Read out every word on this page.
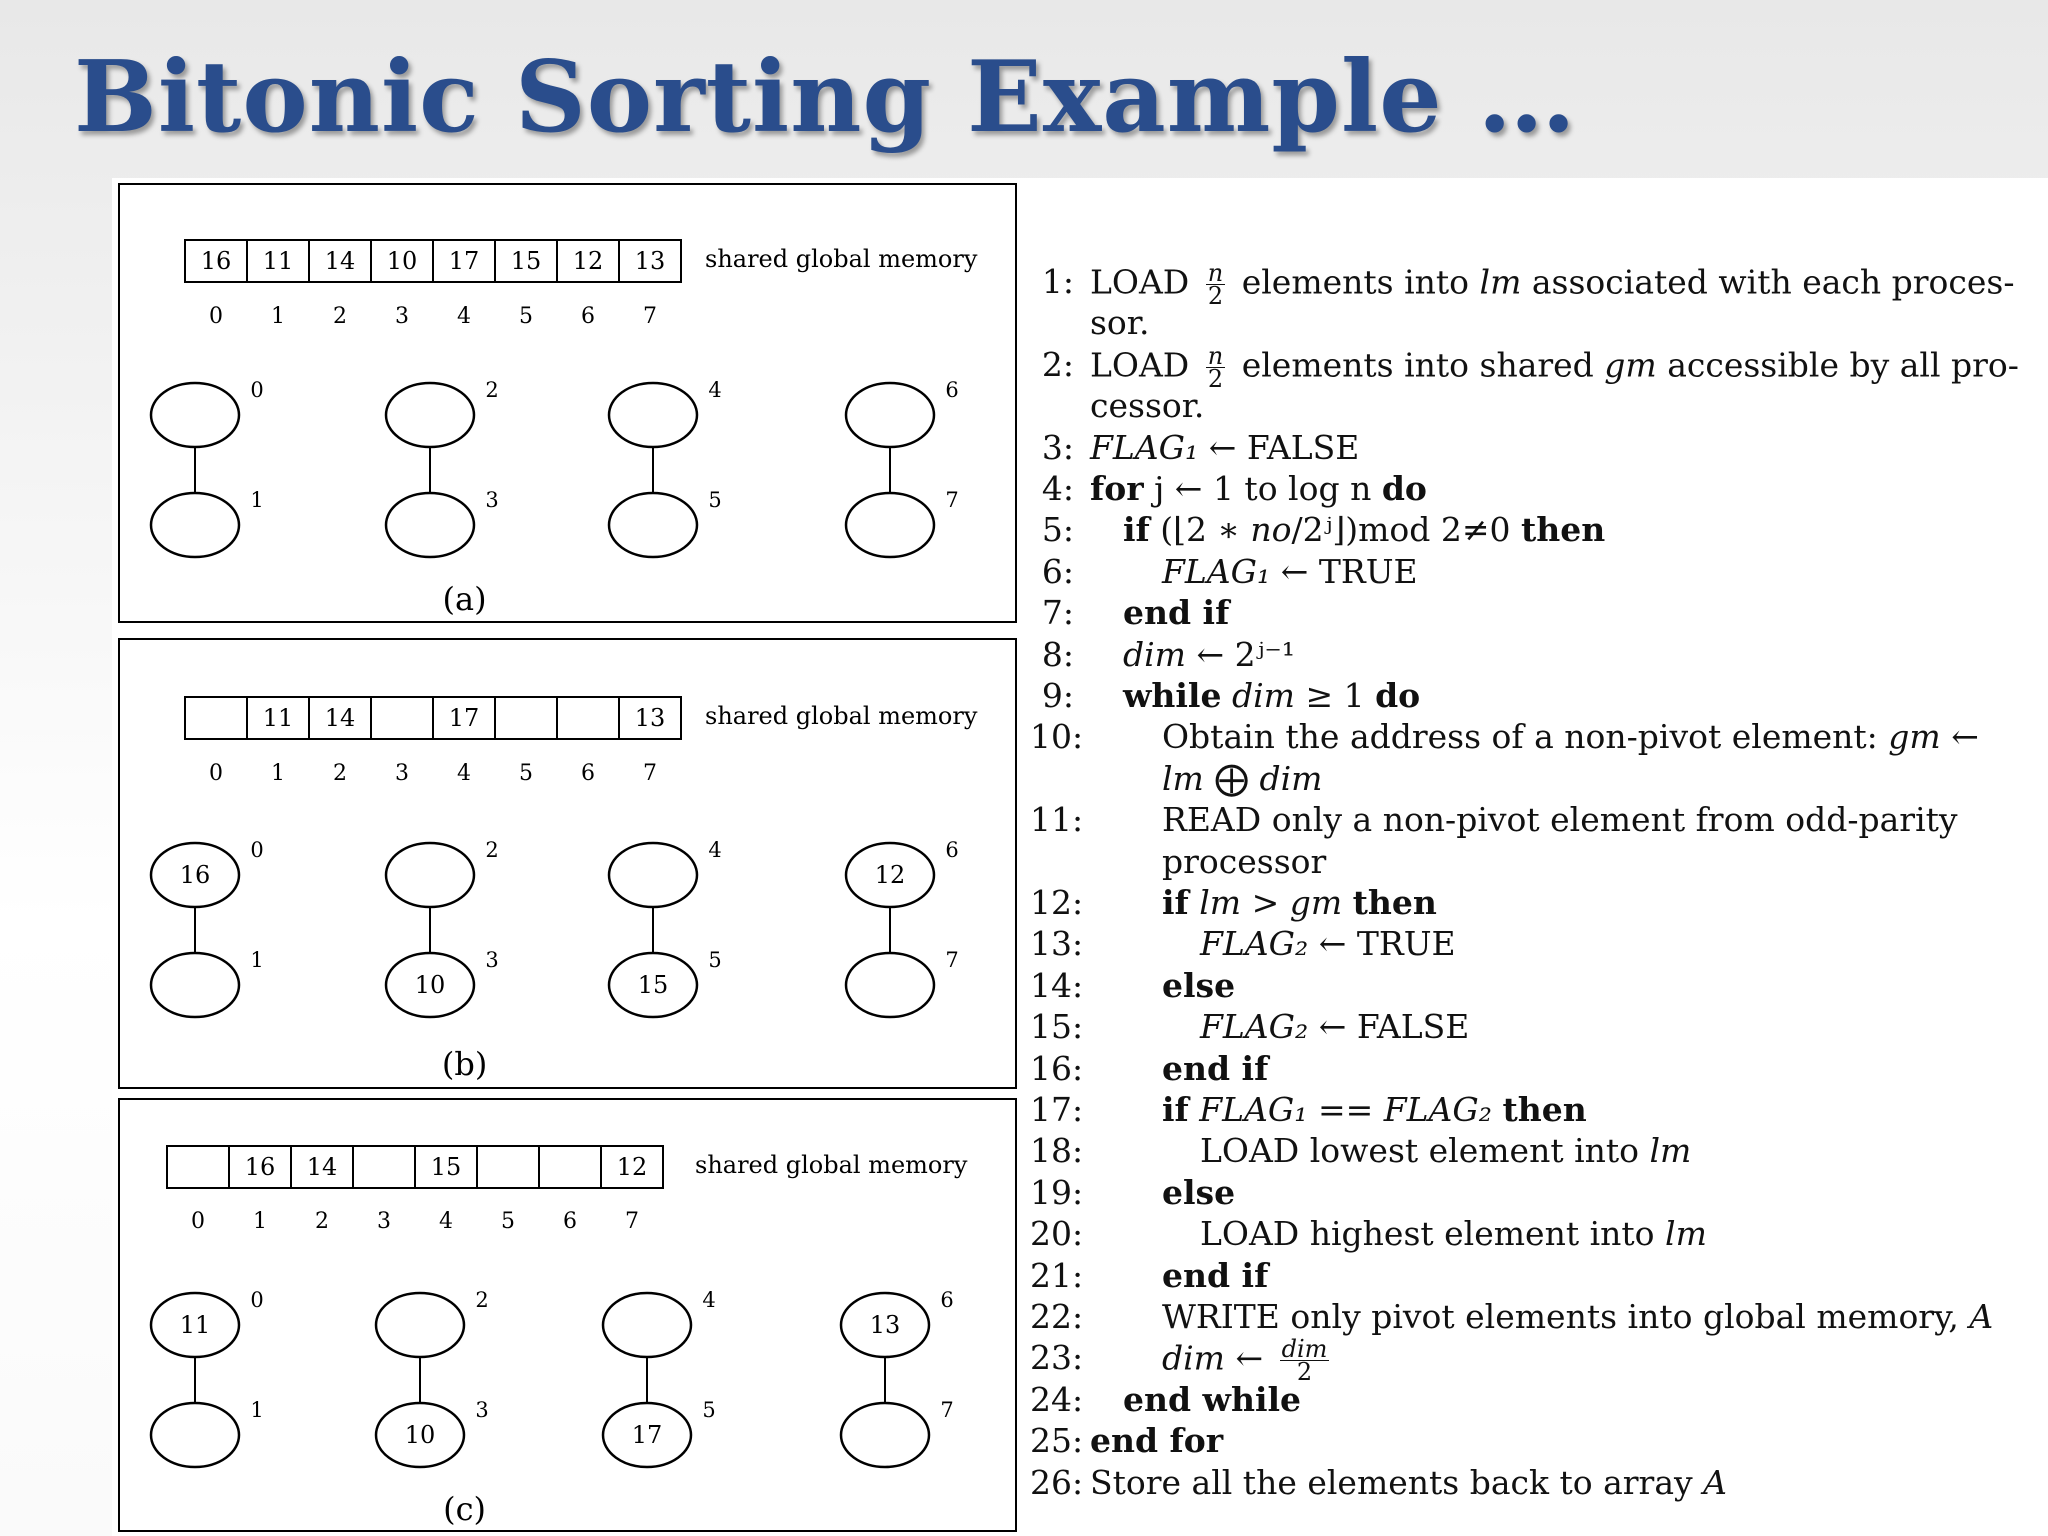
Bitonic Sorting Example …
16 11 14 10 17 15 12 13
0 1 2 3 4 5 6 7
shared global memory
0
1
2
3
4
5
6
7
(a)
11 14	17	13
0 1 2 3 4 5 6 7
shared global memory
16
0
1
2
10
3
4
15
5
12
6
7
(b)
16 14	15	12
0 1 2 3 4 5 6 7
shared global memory
11
0
1
2
10
3
4
17
5
13
6
7
(c)
1: LOAD $\frac{n}{2}$ elements into lm associated with each proces-
sor.
2: LOAD $\frac{n}{2}$ elements into shared gm accessible by all pro-
cessor.
3: FLAG₁ ← FALSE
4: for j ← 1 to log n do
5: if (⌊2 ∗ no/2ʲ⌋)mod 2≠0 then
6:	FLAG₁ ← TRUE
7: end if
8: dim ← 2ʲ⁻¹
9: while dim ≥ 1 do
10: Obtain the address of a non-pivot element: gm ←
lm ⨁ dim
11: READ only a non-pivot element from odd-parity
processor
12: if lm > gm then
13:	FLAG₂ ← TRUE
14: else
15:	FLAG₂ ← FALSE
16: end if
17: if FLAG₁ == FLAG₂ then
18:	LOAD lowest element into lm
19: else
20:	LOAD highest element into lm
21: end if
22: WRITE only pivot elements into global memory, A
23: dim ← $\frac{\text{dim}}{2}$
24: end while
25: end for
26: Store all the elements back to array A
